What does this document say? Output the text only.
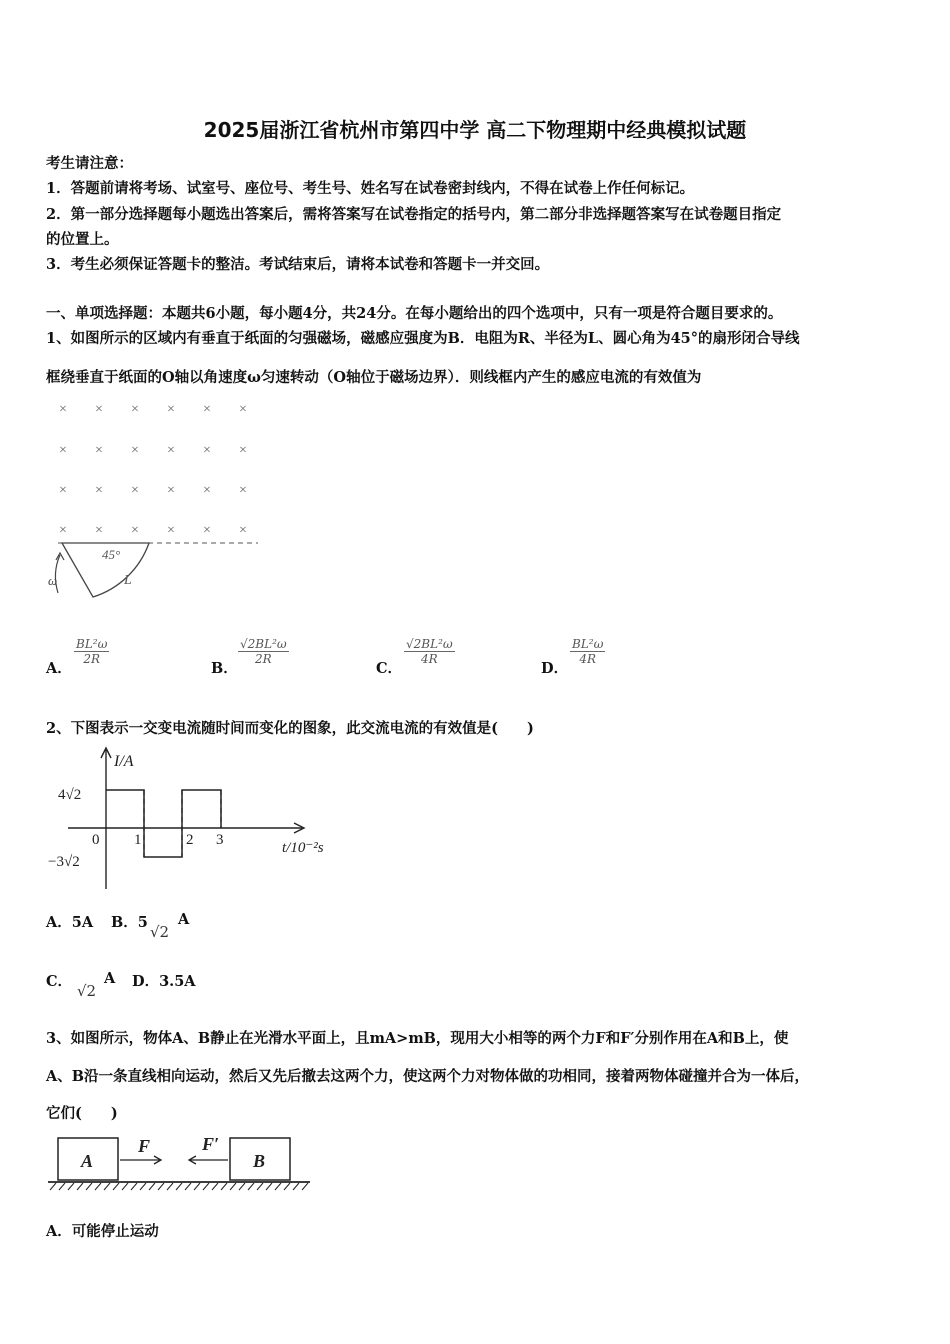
2025届浙江省杭州市第四中学 高二下物理期中经典模拟试题
考生请注意：
1．答题前请将考场、试室号、座位号、考生号、姓名写在试卷密封线内，不得在试卷上作任何标记。
2．第一部分选择题每小题选出答案后，需将答案写在试卷指定的括号内，第二部分非选择题答案写在试卷题目指定
的位置上。
3．考生必须保证答题卡的整洁。考试结束后，请将本试卷和答题卡一并交回。
一、单项选择题：本题共6小题，每小题4分，共24分。在每小题给出的四个选项中，只有一项是符合题目要求的。
1、如图所示的区域内有垂直于纸面的匀强磁场，磁感应强度为B．电阻为R、半径为L、圆心角为45°的扇形闭合导线
框绕垂直于纸面的O轴以角速度ω匀速转动（O轴位于磁场边界）．则线框内产生的感应电流的有效值为
× × × × × ×
× × × × × ×
× × × × × ×
× × × × × ×
45°
L
ω
A．
$\frac{\text{BL²ω}}{2R}$
B．
$\frac{\text{√2BL²ω}}{2R}$
C．
$\frac{\text{√2BL²ω}}{4R}$
D．
$\frac{\text{BL²ω}}{4R}$
2、下图表示一交变电流随时间而变化的图象，此交流电流的有效值是(　　)
I/A
4√2
−3√2
0 1	2 3	t/10⁻²s
A．5A B．5
√2
A
C．
√2
A D．3.5A
3、如图所示，物体A、B静止在光滑水平面上，且mA>mB，现用大小相等的两个力F和F′分别作用在A和B上，使
A、B沿一条直线相向运动，然后又先后撤去这两个力，使这两个力对物体做的功相同，接着两物体碰撞并合为一体后，
它们(　　)
A	B
F	F′
A．可能停止运动
